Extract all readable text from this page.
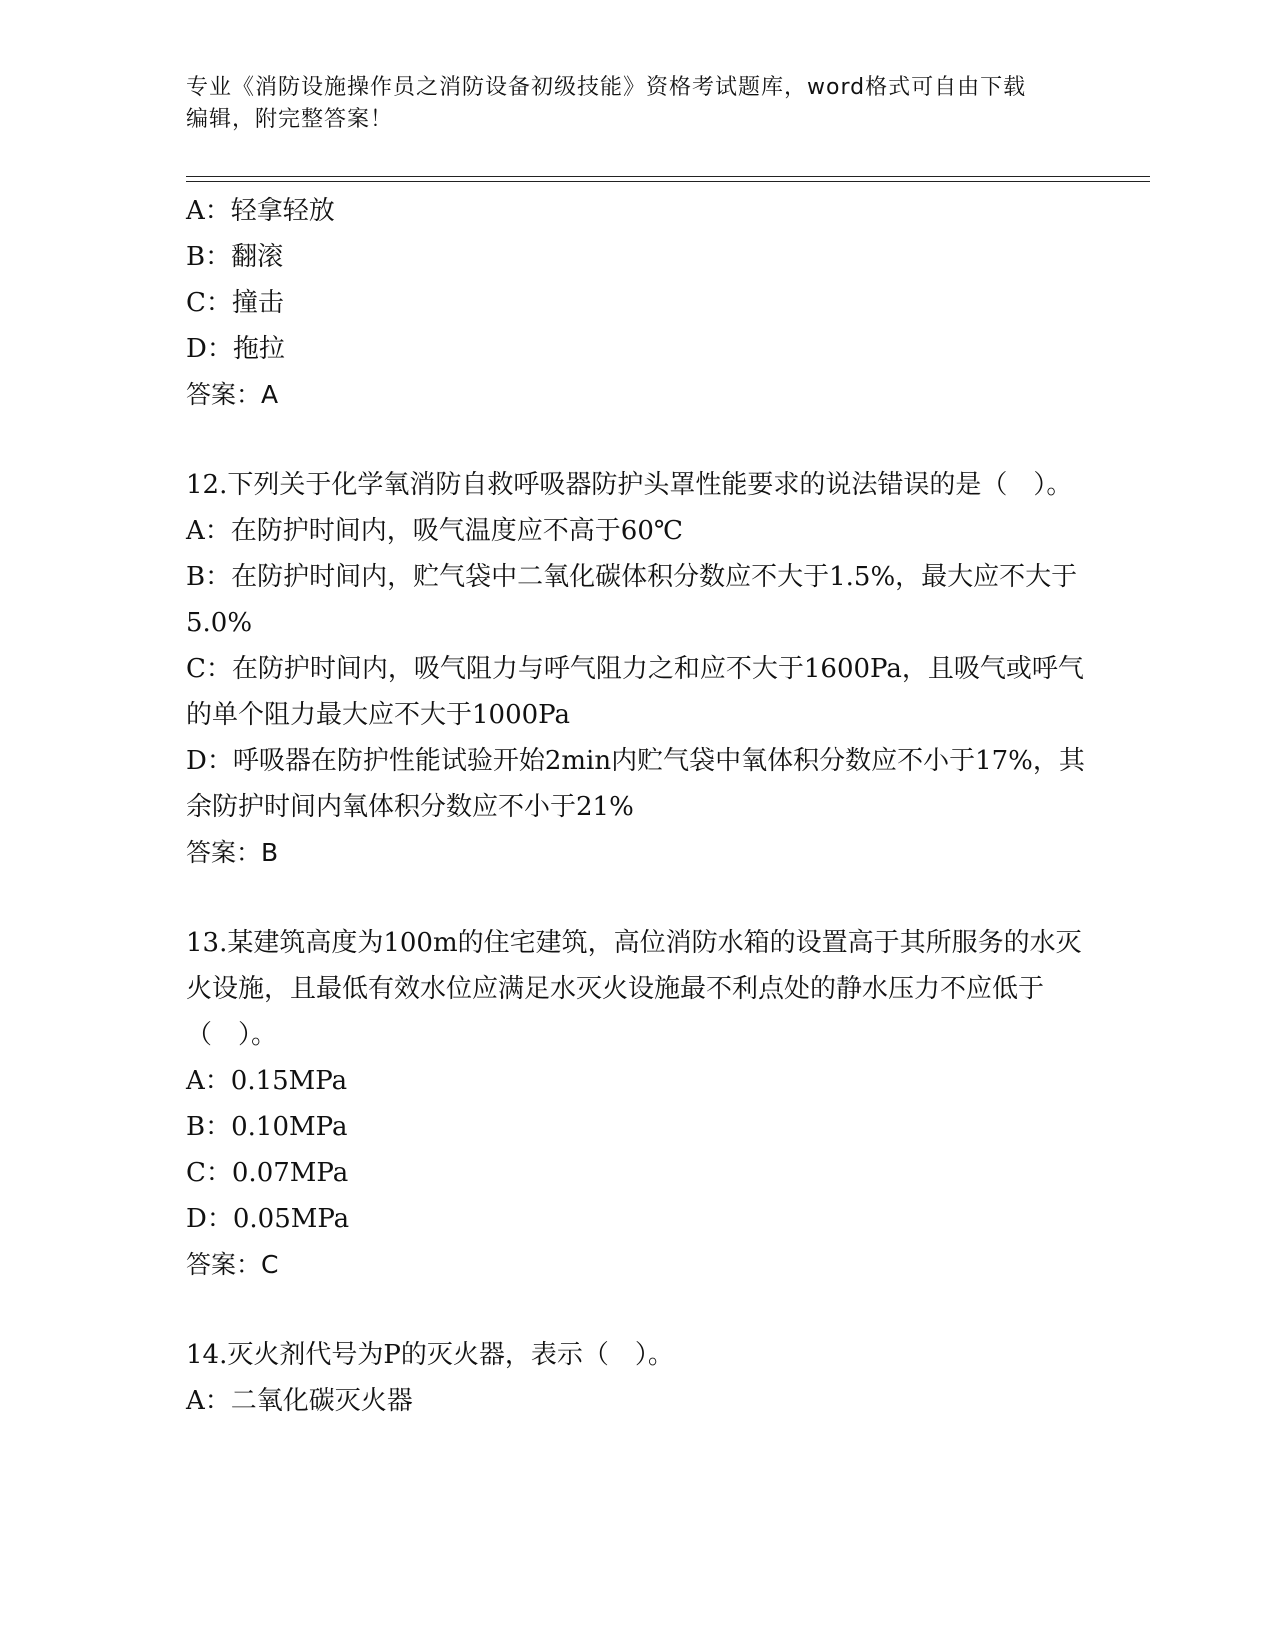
专业《消防设施操作员之消防设备初级技能》资格考试题库，word格式可自由下载编辑，附完整答案！

A：轻拿轻放

B：翻滚

C：撞击

D：拖拉

答案：A

12.下列关于化学氧消防自救呼吸器防护头罩性能要求的说法错误的是（　）。

A：在防护时间内，吸气温度应不高于60℃

B：在防护时间内，贮气袋中二氧化碳体积分数应不大于1.5%，最大应不大于5.0%

C：在防护时间内，吸气阻力与呼气阻力之和应不大于1600Pa，且吸气或呼气的单个阻力最大应不大于1000Pa

D：呼吸器在防护性能试验开始2min内贮气袋中氧体积分数应不小于17%，其余防护时间内氧体积分数应不小于21%

答案：B

13.某建筑高度为100m的住宅建筑，高位消防水箱的设置高于其所服务的水灭火设施，且最低有效水位应满足水灭火设施最不利点处的静水压力不应低于（　）。

A：0.15MPa

B：0.10MPa

C：0.07MPa

D：0.05MPa

答案：C

14.灭火剂代号为P的灭火器，表示（　）。

A：二氧化碳灭火器
